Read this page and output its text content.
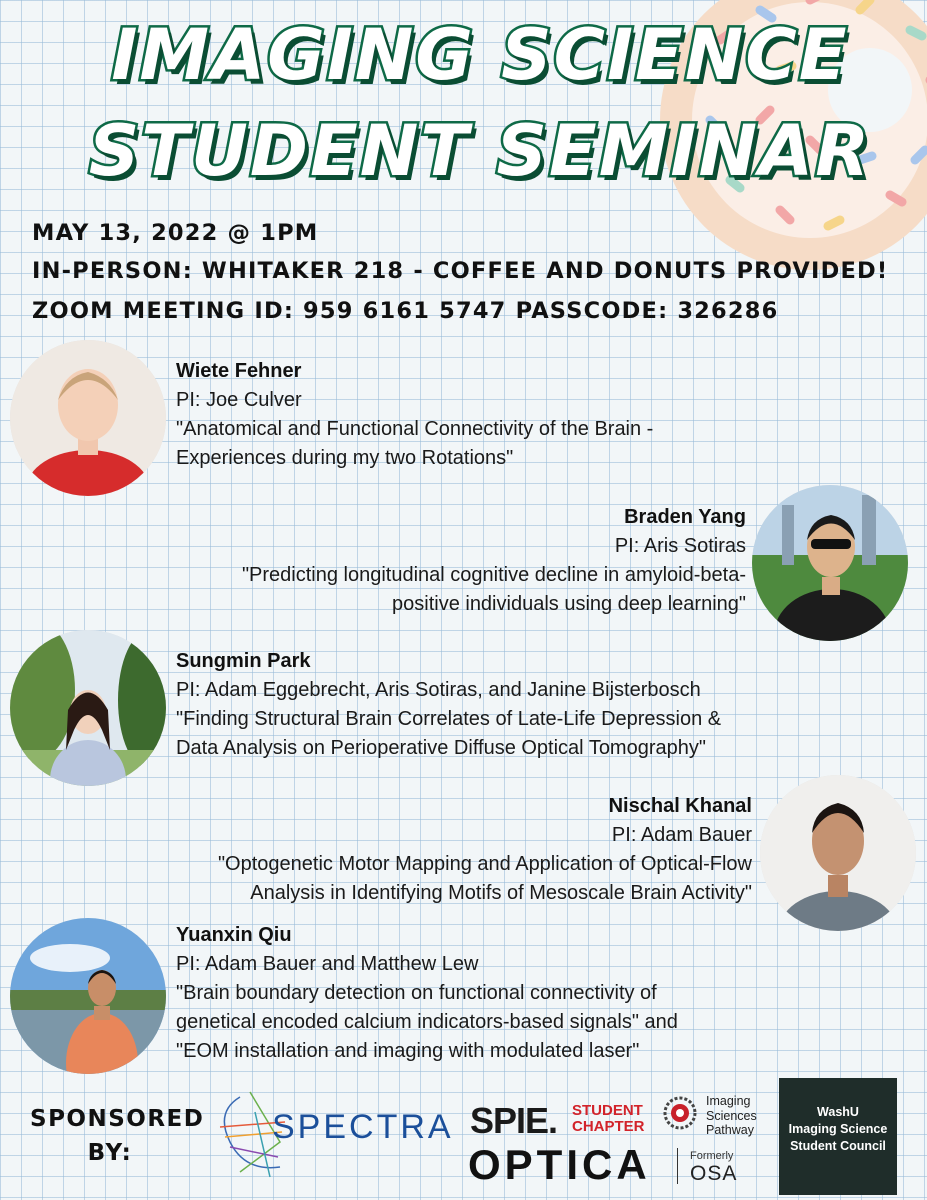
IMAGING SCIENCE
STUDENT SEMINAR
MAY 13, 2022 @ 1PM
IN-PERSON: WHITAKER 218 - COFFEE AND DONUTS PROVIDED!
ZOOM MEETING ID: 959 6161 5747 PASSCODE: 326286
Wiete Fehner
PI: Joe Culver
"Anatomical and Functional Connectivity of the Brain -
Experiences during my two Rotations"
Braden Yang
PI: Aris Sotiras
"Predicting longitudinal cognitive decline in amyloid-beta-
positive individuals using deep learning"
Sungmin Park
PI: Adam Eggebrecht, Aris Sotiras, and Janine Bijsterbosch
"Finding Structural Brain Correlates of Late-Life Depression &
Data Analysis on Perioperative Diffuse Optical Tomography"
Nischal Khanal
PI: Adam Bauer
"Optogenetic Motor Mapping and Application of Optical-Flow
Analysis in Identifying Motifs of Mesoscale Brain Activity"
Yuanxin Qiu
PI: Adam Bauer and Matthew Lew
"Brain boundary detection on functional connectivity of
genetical encoded calcium indicators-based signals" and
"EOM installation and imaging with modulated laser"
SPONSORED BY:
SPECTRA SPIE. STUDENT
CHAPTER
Imaging
Sciences
Pathway
OPTICA	Formerly
OSA
WashU
Imaging Science
Student Council
